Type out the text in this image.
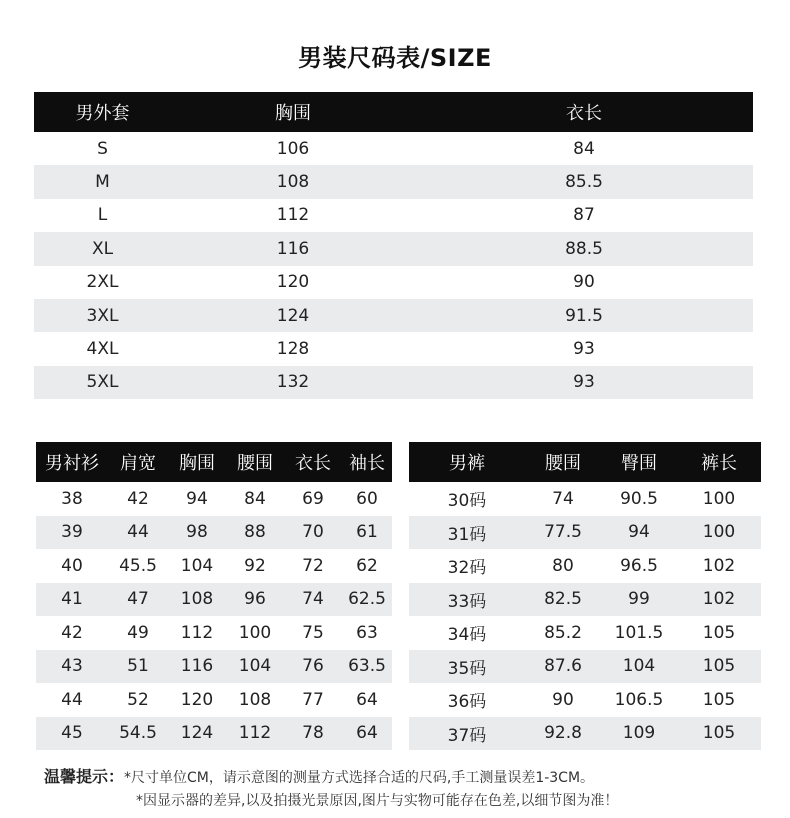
男装尺码表/SIZE
男外套	胸围	衣长
S	106	84
M	108	85.5
L	112	87
XL	116	88.5
2XL	120	90
3XL	124	91.5
4XL	128	93
5XL	132	93
男衬衫	肩宽	胸围	腰围	衣长	袖长
38	42	94	84	69	60
39	44	98	88	70	61
40	45.5	104	92	72	62
41	47	108	96	74	62.5
42	49	112	100	75	63
43	51	116	104	76	63.5
44	52	120	108	77	64
45	54.5	124	112	78	64
男裤	腰围	臀围	裤长
30码	74	90.5	100
31码	77.5	94	100
32码	80	96.5	102
33码	82.5	99	102
34码	85.2	101.5	105
35码	87.6	104	105
36码	90	106.5	105
37码	92.8	109	105
温馨提示：*尺寸单位CM，请示意图的测量方式选择合适的尺码,手工测量误差1-3CM。
*因显示器的差异,以及拍摄光景原因,图片与实物可能存在色差,以细节图为准！
